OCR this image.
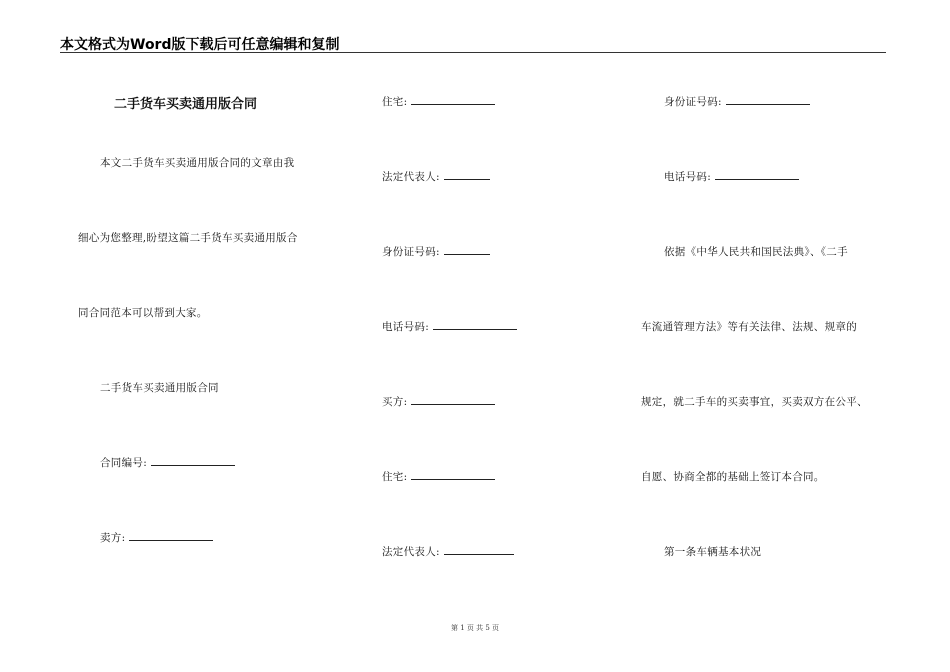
本文格式为Word版下载后可任意编辑和复制
二手货车买卖通用版合同
本文二手货车买卖通用版合同的文章由我
细心为您整理,盼望这篇二手货车买卖通用版合
同合同范本可以帮到大家。
二手货车买卖通用版合同
合同编号:
卖方:
住宅:
法定代表人:
身份证号码:
电话号码:
买方:
住宅:
法定代表人:
身份证号码:
电话号码:
依据《中华人民共和国民法典》、《二手
车流通管理方法》等有关法律、法规、规章的
规定，就二手车的买卖事宜，买卖双方在公平、
自愿、协商全都的基础上签订本合同。
第一条车辆基本状况
第 1 页 共 5 页
